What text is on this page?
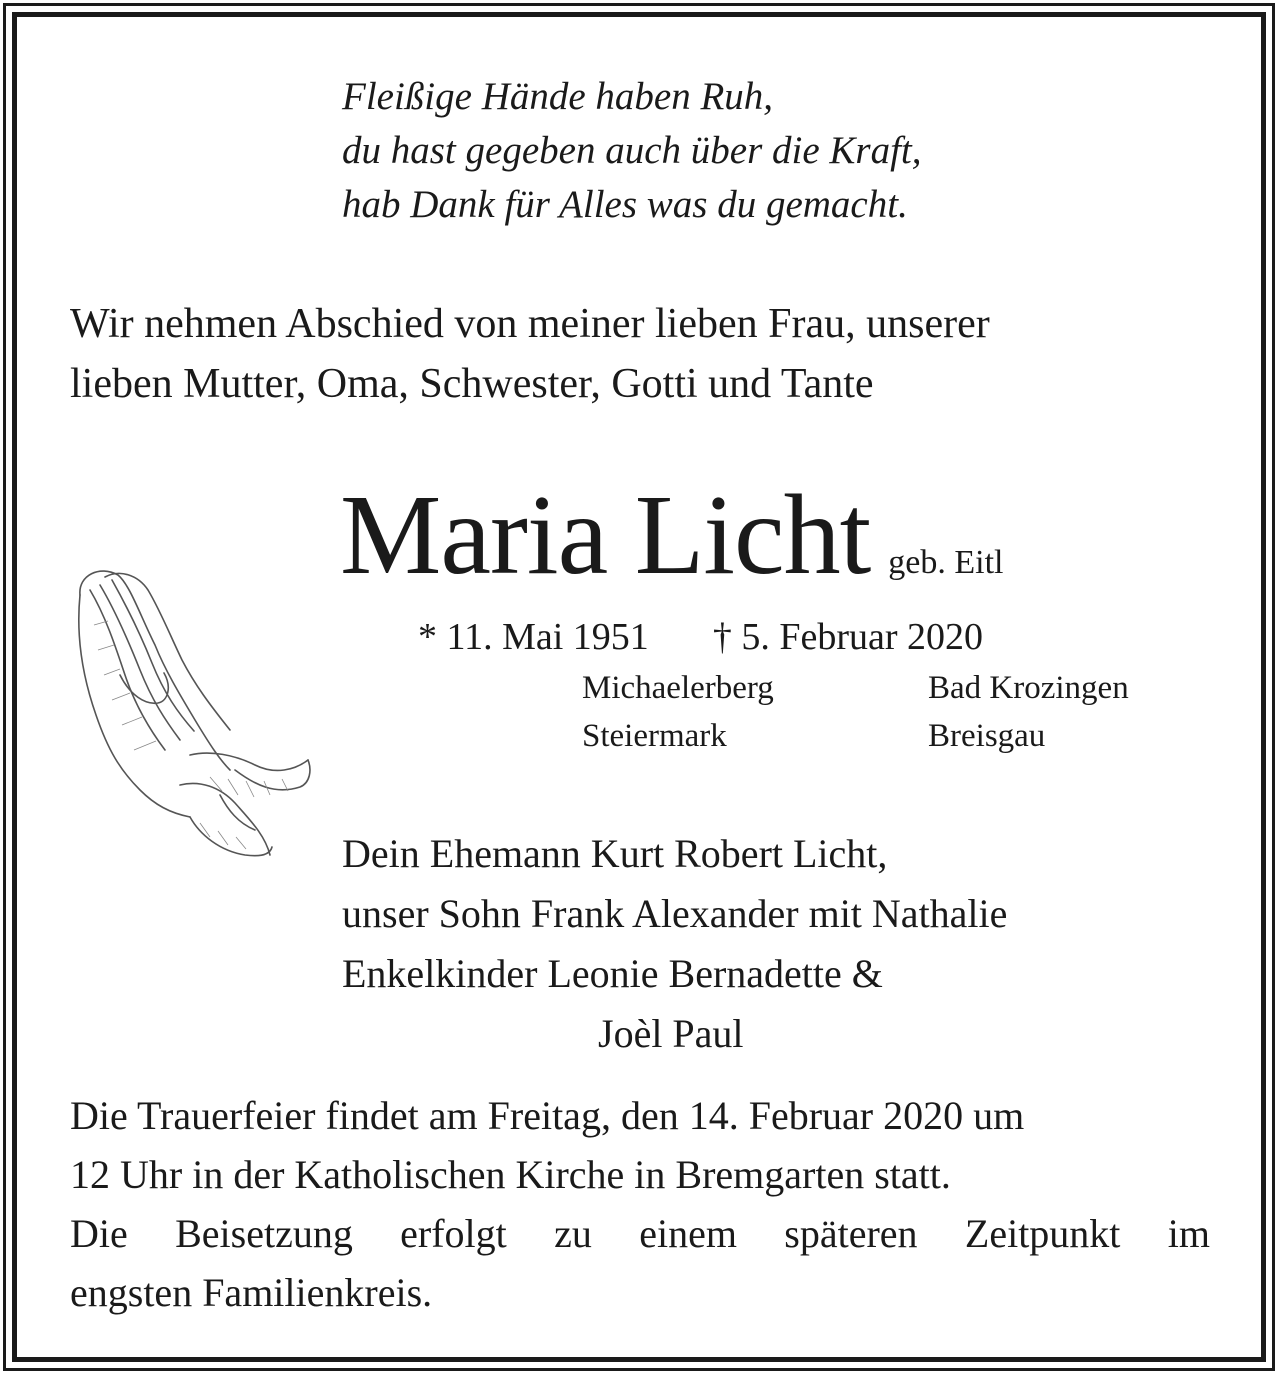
Fleißige Hände haben Ruh,
du hast gegeben auch über die Kraft,
hab Dank für Alles was du gemacht.
Wir nehmen Abschied von meiner lieben Frau, unserer
lieben Mutter, Oma, Schwester, Gotti und Tante
Maria Licht geb. Eitl
* 11. Mai 1951 † 5. Februar 2020
Michaelerberg
Steiermark
Bad Krozingen
Breisgau
Dein Ehemann Kurt Robert Licht,
unser Sohn Frank Alexander mit Nathalie
Enkelkinder Leonie Bernadette &
Joèl Paul
Die Trauerfeier findet am Freitag, den 14. Februar 2020 um
12 Uhr in der Katholischen Kirche in Bremgarten statt.
Die Beisetzung erfolgt zu einem späteren Zeitpunkt im
engsten Familienkreis.
